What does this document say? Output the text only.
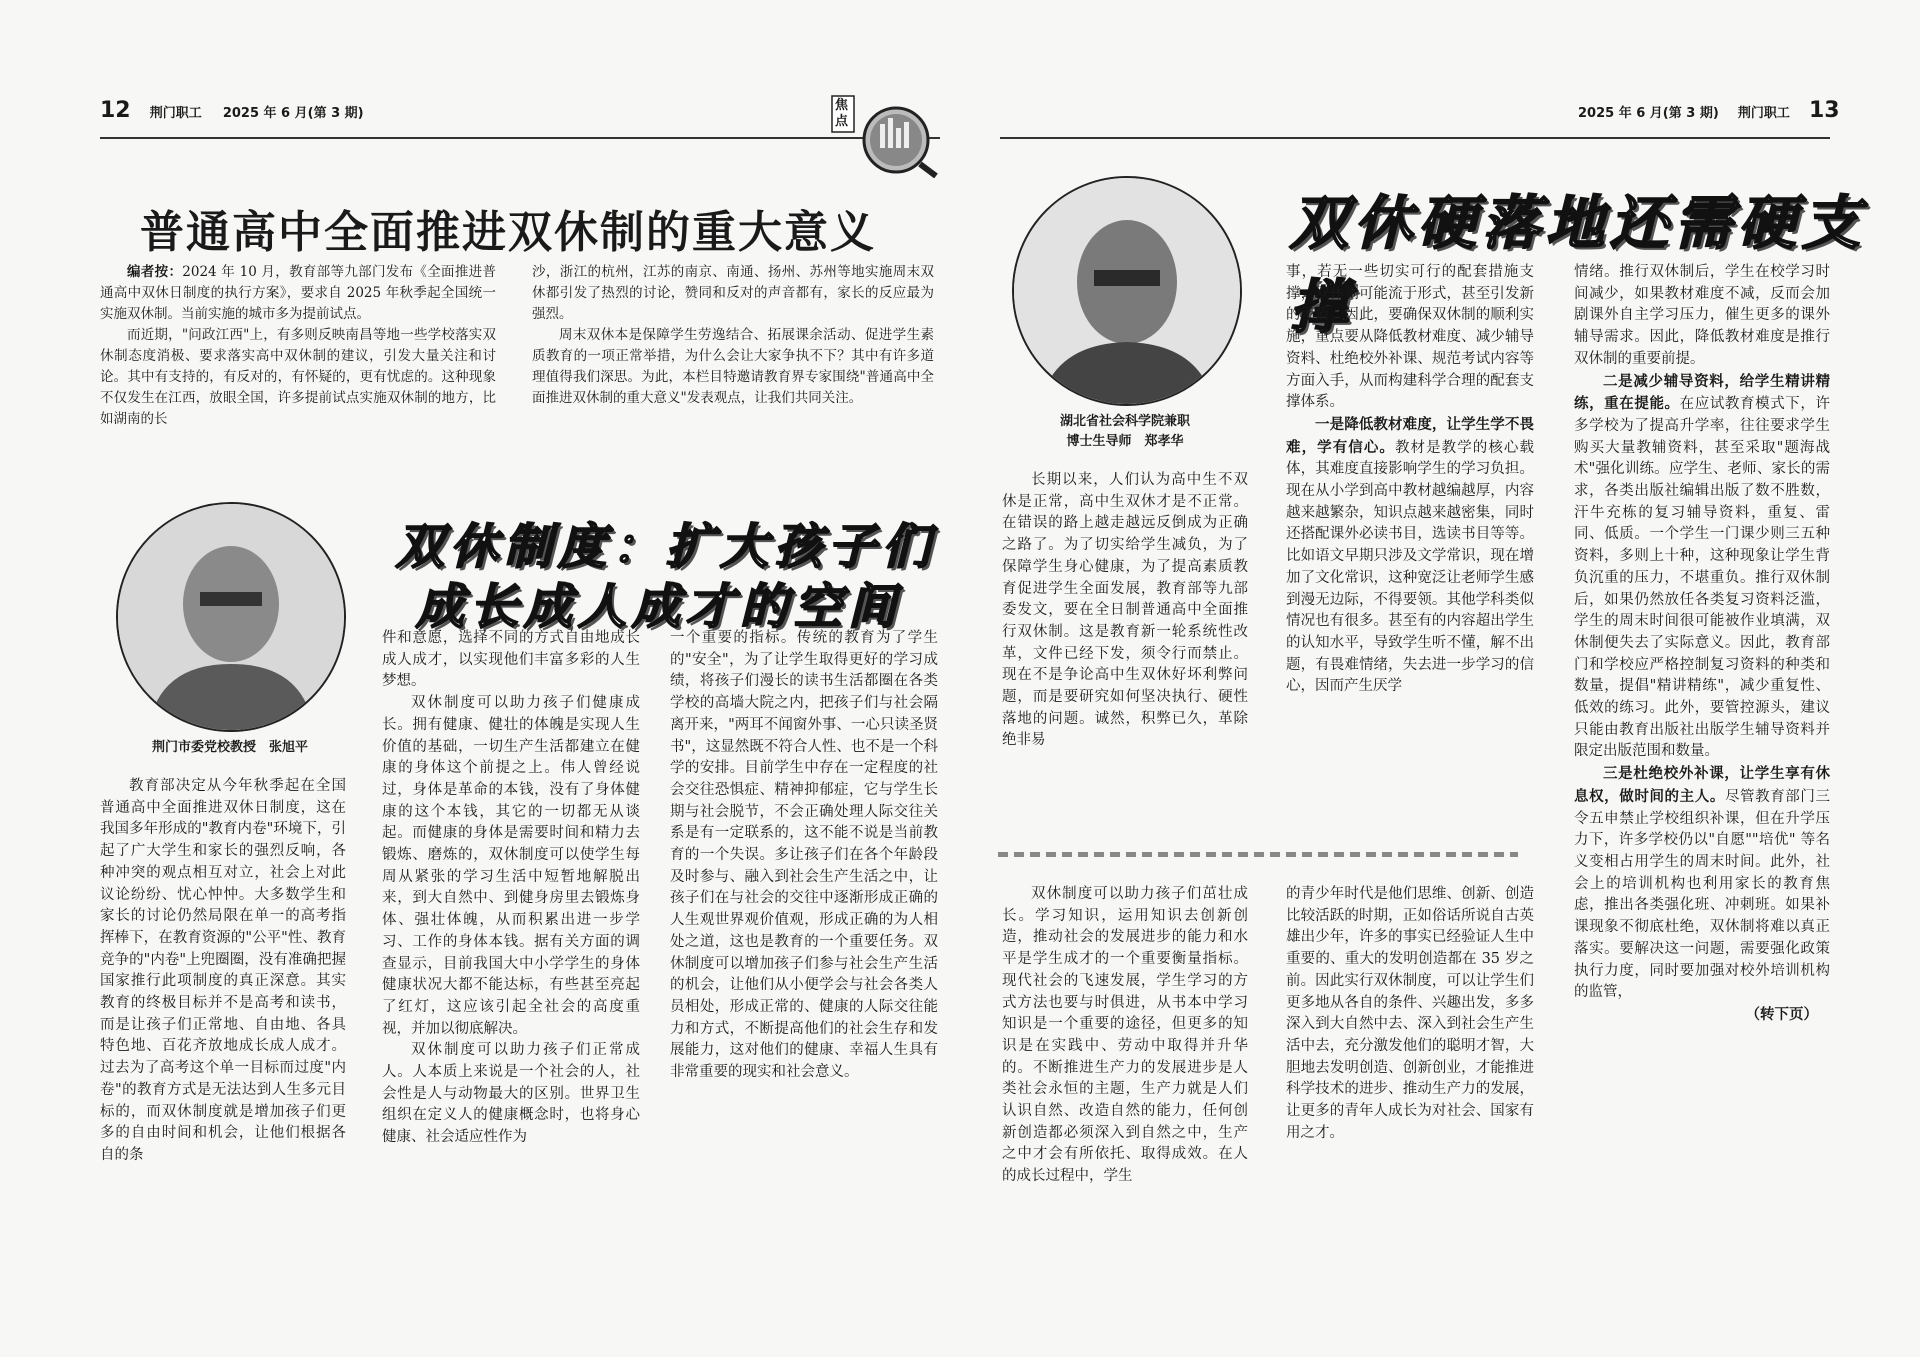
12 荆门职工 2025 年 6 月(第 3 期)
焦点
普通高中全面推进双休制的重大意义

编者按：2024 年 10 月，教育部等九部门发布《全面推进普通高中双休日制度的执行方案》，要求自 2025 年秋季起全国统一实施双休制。当前实施的城市多为提前试点。

而近期，"问政江西"上，有多则反映南昌等地一些学校落实双休制态度消极、要求落实高中双休制的建议，引发大量关注和讨论。其中有支持的，有反对的，有怀疑的，更有忧虑的。这种现象不仅发生在江西，放眼全国，许多提前试点实施双休制的地方，比如湖南的长

沙，浙江的杭州，江苏的南京、南通、扬州、苏州等地实施周末双休都引发了热烈的讨论，赞同和反对的声音都有，家长的反应最为强烈。

周末双休本是保障学生劳逸结合、拓展课余活动、促进学生素质教育的一项正常举措，为什么会让大家争执不下？其中有许多道理值得我们深思。为此，本栏目特邀请教育界专家围绕"普通高中全面推进双休制的重大意义"发表观点，让我们共同关注。

荆门市委党校教授　张旭平
双休制度：扩大孩子们
成长成人成才的空间

教育部决定从今年秋季起在全国普通高中全面推进双休日制度，这在我国多年形成的"教育内卷"环境下，引起了广大学生和家长的强烈反响，各种冲突的观点相互对立，社会上对此议论纷纷、忧心忡忡。大多数学生和家长的讨论仍然局限在单一的高考指挥棒下，在教育资源的"公平"性、教育竞争的"内卷"上兜圈圈，没有准确把握国家推行此项制度的真正深意。其实教育的终极目标并不是高考和读书，而是让孩子们正常地、自由地、各具特色地、百花齐放地成长成人成才。过去为了高考这个单一目标而过度"内卷"的教育方式是无法达到人生多元目标的，而双休制度就是增加孩子们更多的自由时间和机会，让他们根据各自的条

件和意愿，选择不同的方式自由地成长成人成才，以实现他们丰富多彩的人生梦想。

双休制度可以助力孩子们健康成长。拥有健康、健壮的体魄是实现人生价值的基础，一切生产生活都建立在健康的身体这个前提之上。伟人曾经说过，身体是革命的本钱，没有了身体健康的这个本钱，其它的一切都无从谈起。而健康的身体是需要时间和精力去锻炼、磨炼的，双休制度可以使学生每周从紧张的学习生活中短暂地解脱出来，到大自然中、到健身房里去锻炼身体、强壮体魄，从而积累出进一步学习、工作的身体本钱。据有关方面的调查显示，目前我国大中小学学生的身体健康状况大都不能达标，有些甚至亮起了红灯，这应该引起全社会的高度重视，并加以彻底解决。

双休制度可以助力孩子们正常成人。人本质上来说是一个社会的人，社会性是人与动物最大的区别。世界卫生组织在定义人的健康概念时，也将身心健康、社会适应性作为

一个重要的指标。传统的教育为了学生的"安全"，为了让学生取得更好的学习成绩，将孩子们漫长的读书生活都圈在各类学校的高墙大院之内，把孩子们与社会隔离开来，"两耳不闻窗外事、一心只读圣贤书"，这显然既不符合人性、也不是一个科学的安排。目前学生中存在一定程度的社会交往恐惧症、精神抑郁症，它与学生长期与社会脱节，不会正确处理人际交往关系是有一定联系的，这不能不说是当前教育的一个失误。多让孩子们在各个年龄段及时参与、融入到社会生产生活之中，让孩子们在与社会的交往中逐渐形成正确的人生观世界观价值观，形成正确的为人相处之道，这也是教育的一个重要任务。双休制度可以增加孩子们参与社会生产生活的机会，让他们从小便学会与社会各类人员相处，形成正常的、健康的人际交往能力和方式，不断提高他们的社会生存和发展能力，这对他们的健康、幸福人生具有非常重要的现实和社会意义。

2025 年 6 月(第 3 期) 荆门职工 13
双休硬落地还需硬支撑
湖北省社会科学院兼职
博士生导师　郑孝华

长期以来，人们认为高中生不双休是正常，高中生双休才是不正常。在错误的路上越走越远反倒成为正确之路了。为了切实给学生减负，为了保障学生身心健康，为了提高素质教育促进学生全面发展，教育部等九部委发文，要在全日制普通高中全面推行双休制。这是教育新一轮系统性改革，文件已经下发，须令行而禁止。现在不是争论高中生双休好坏利弊问题，而是要研究如何坚决执行、硬性落地的问题。诚然，积弊已久，革除绝非易

事，若无一些切实可行的配套措施支撑，双休制可能流于形式，甚至引发新的矛盾。因此，要确保双休制的顺利实施，重点要从降低教材难度、减少辅导资料、杜绝校外补课、规范考试内容等方面入手，从而构建科学合理的配套支撑体系。

一是降低教材难度，让学生学不畏难，学有信心。教材是教学的核心载体，其难度直接影响学生的学习负担。现在从小学到高中教材越编越厚，内容越来越繁杂，知识点越来越密集，同时还搭配课外必读书目，选读书目等等。比如语文早期只涉及文学常识，现在增加了文化常识，这种宽泛让老师学生感到漫无边际，不得要领。其他学科类似情况也有很多。甚至有的内容超出学生的认知水平，导致学生听不懂，解不出题，有畏难情绪，失去进一步学习的信心，因而产生厌学

情绪。推行双休制后，学生在校学习时间减少，如果教材难度不减，反而会加剧课外自主学习压力，催生更多的课外辅导需求。因此，降低教材难度是推行双休制的重要前提。

二是减少辅导资料，给学生精讲精练，重在提能。在应试教育模式下，许多学校为了提高升学率，往往要求学生购买大量教辅资料，甚至采取"题海战术"强化训练。应学生、老师、家长的需求，各类出版社编辑出版了数不胜数，汗牛充栋的复习辅导资料，重复、雷同、低质。一个学生一门课少则三五种资料，多则上十种，这种现象让学生背负沉重的压力，不堪重负。推行双休制后，如果仍然放任各类复习资料泛滥，学生的周末时间很可能被作业填满，双休制便失去了实际意义。因此，教育部门和学校应严格控制复习资料的种类和数量，提倡"精讲精练"，减少重复性、低效的练习。此外，要管控源头，建议只能由教育出版社出版学生辅导资料并限定出版范围和数量。

三是杜绝校外补课，让学生享有休息权，做时间的主人。尽管教育部门三令五申禁止学校组织补课，但在升学压力下，许多学校仍以"自愿""培优" 等名义变相占用学生的周末时间。此外，社会上的培训机构也利用家长的教育焦虑，推出各类强化班、冲刺班。如果补课现象不彻底杜绝，双休制将难以真正落实。要解决这一问题，需要强化政策执行力度，同时要加强对校外培训机构的监管，

（转下页）

双休制度可以助力孩子们茁壮成长。学习知识，运用知识去创新创造，推动社会的发展进步的能力和水平是学生成才的一个重要衡量指标。现代社会的飞速发展，学生学习的方式方法也要与时俱进，从书本中学习知识是一个重要的途径，但更多的知识是在实践中、劳动中取得并升华的。不断推进生产力的发展进步是人类社会永恒的主题，生产力就是人们认识自然、改造自然的能力，任何创新创造都必须深入到自然之中，生产之中才会有所依托、取得成效。在人的成长过程中，学生

的青少年时代是他们思维、创新、创造比较活跃的时期，正如俗话所说自古英雄出少年，许多的事实已经验证人生中重要的、重大的发明创造都在 35 岁之前。因此实行双休制度，可以让学生们更多地从各自的条件、兴趣出发，多多深入到大自然中去、深入到社会生产生活中去，充分激发他们的聪明才智，大胆地去发明创造、创新创业，才能推进科学技术的进步、推动生产力的发展，让更多的青年人成长为对社会、国家有用之才。
